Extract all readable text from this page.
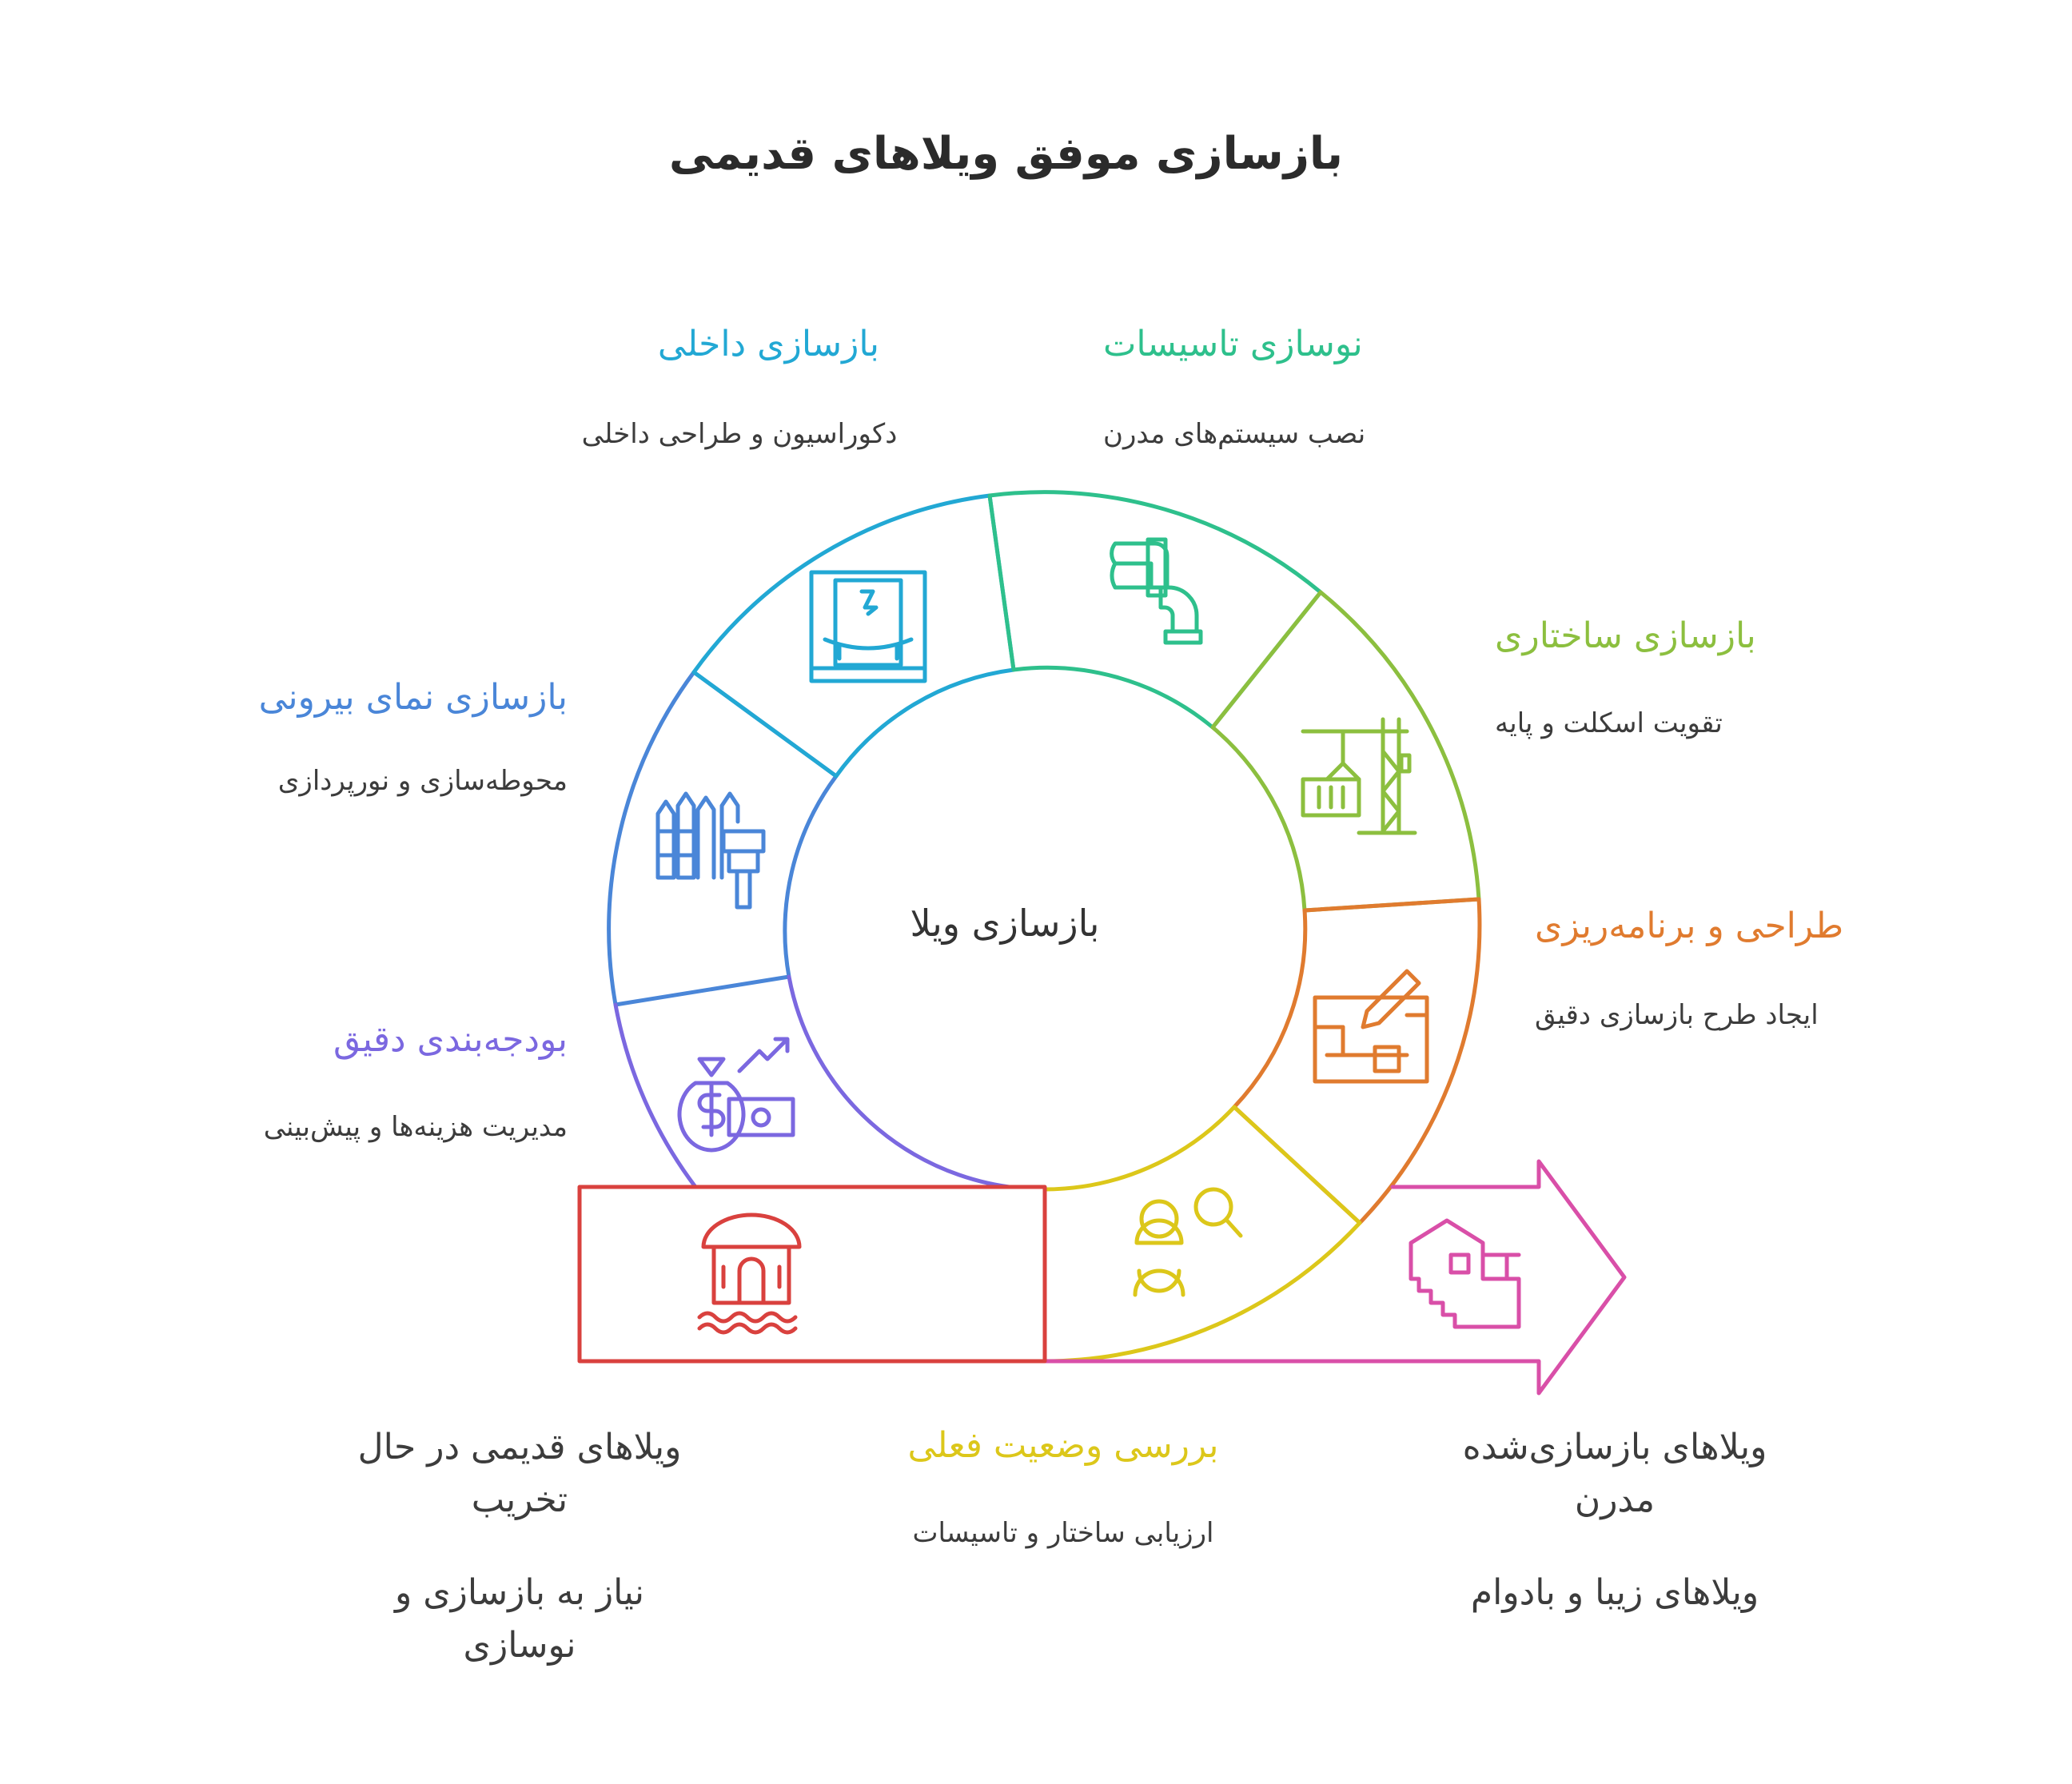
بازسازی موفق ویلاهای قدیمی
بازسازی ویلا
بازسازی داخلی
دکوراسیون و طراحی داخلی
نوسازی تاسیسات
نصب سیستم‌های مدرن
بازسازی ساختاری
تقویت اسکلت و پایه
طراحی و برنامه‌ریزی
ایجاد طرح بازسازی دقیق
بررسی وضعیت فعلی
ارزیابی ساختار و تاسیسات
بودجه‌بندی دقیق
مدیریت هزینه‌ها و پیش‌بینی
بازسازی نمای بیرونی
محوطه‌سازی و نورپردازی
ویلاهای قدیمی در حال تخریب
نیاز به بازسازی و نوسازی
ویلاهای بازسازی‌شده مدرن
ویلاهای زیبا و بادوام
